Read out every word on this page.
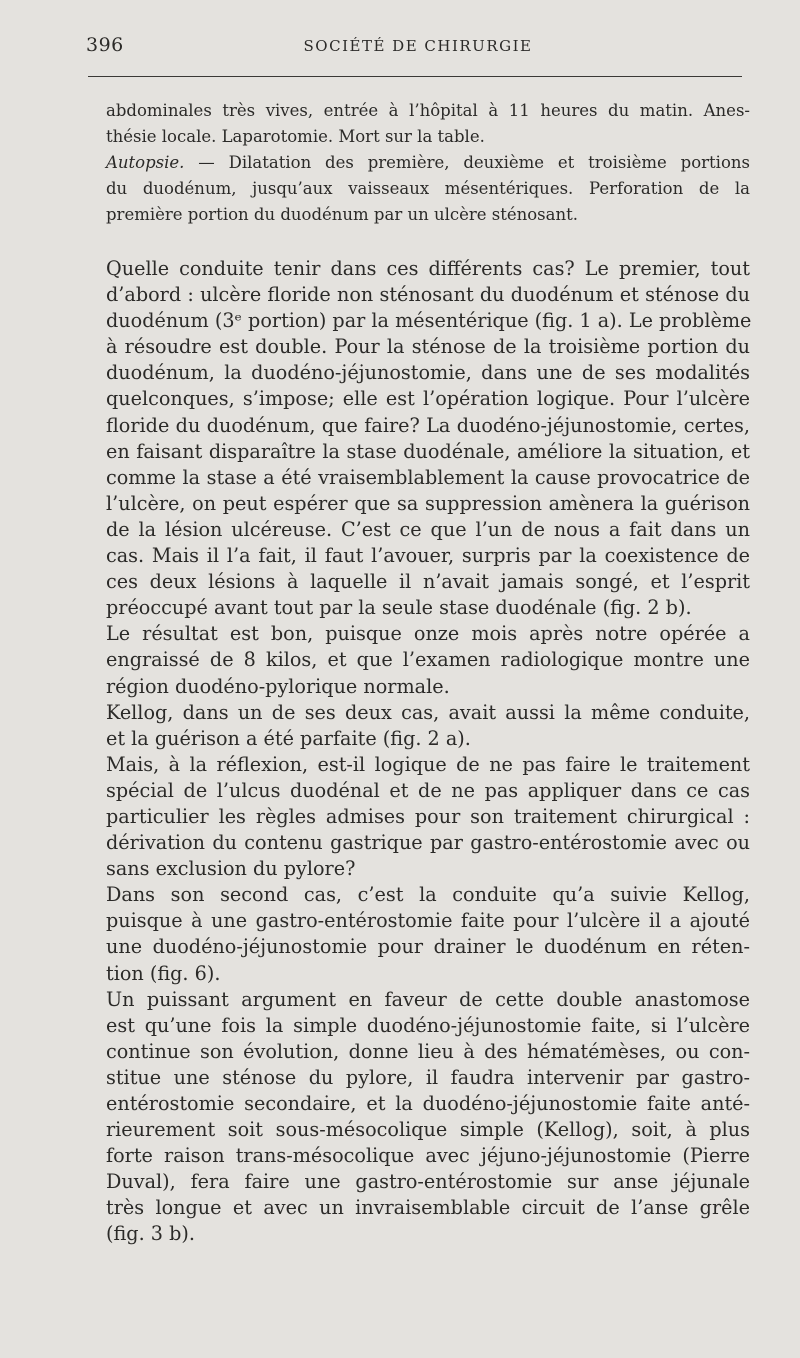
396	SOCIÉTÉ DE CHIRURGIE
abdominales très vives, entrée à l’hôpital à 11 heures du matin. Anes-
thésie locale. Laparotomie. Mort sur la table.
Autopsie. — Dilatation des première, deuxième et troisième portions
du duodénum, jusqu’aux vaisseaux mésentériques. Perforation de la
première portion du duodénum par un ulcère sténosant.
Quelle conduite tenir dans ces différents cas? Le premier, tout
d’abord : ulcère floride non sténosant du duodénum et sténose du
duodénum (3ᵉ portion) par la mésentérique (fig. 1 a). Le problème
à résoudre est double. Pour la sténose de la troisième portion du
duodénum, la duodéno-jéjunostomie, dans une de ses modalités
quelconques, s’impose; elle est l’opération logique. Pour l’ulcère
floride du duodénum, que faire? La duodéno-jéjunostomie, certes,
en faisant disparaître la stase duodénale, améliore la situation, et
comme la stase a été vraisemblablement la cause provocatrice de
l’ulcère, on peut espérer que sa suppression amènera la guérison
de la lésion ulcéreuse. C’est ce que l’un de nous a fait dans un
cas. Mais il l’a fait, il faut l’avouer, surpris par la coexistence de
ces deux lésions à laquelle il n’avait jamais songé, et l’esprit
préoccupé avant tout par la seule stase duodénale (fig. 2 b).
Le résultat est bon, puisque onze mois après notre opérée a
engraissé de 8 kilos, et que l’examen radiologique montre une
région duodéno-pylorique normale.
Kellog, dans un de ses deux cas, avait aussi la même conduite,
et la guérison a été parfaite (fig. 2 a).
Mais, à la réflexion, est-il logique de ne pas faire le traitement
spécial de l’ulcus duodénal et de ne pas appliquer dans ce cas
particulier les règles admises pour son traitement chirurgical :
dérivation du contenu gastrique par gastro-entérostomie avec ou
sans exclusion du pylore?
Dans son second cas, c’est la conduite qu’a suivie Kellog,
puisque à une gastro-entérostomie faite pour l’ulcère il a ajouté
une duodéno-jéjunostomie pour drainer le duodénum en réten-
tion (fig. 6).
Un puissant argument en faveur de cette double anastomose
est qu’une fois la simple duodéno-jéjunostomie faite, si l’ulcère
continue son évolution, donne lieu à des hématémèses, ou con-
stitue une sténose du pylore, il faudra intervenir par gastro-
entérostomie secondaire, et la duodéno-jéjunostomie faite anté-
rieurement soit sous-mésocolique simple (Kellog), soit, à plus
forte raison trans-mésocolique avec jéjuno-jéjunostomie (Pierre
Duval), fera faire une gastro-entérostomie sur anse jéjunale
très longue et avec un invraisemblable circuit de l’anse grêle
(fig. 3 b).
